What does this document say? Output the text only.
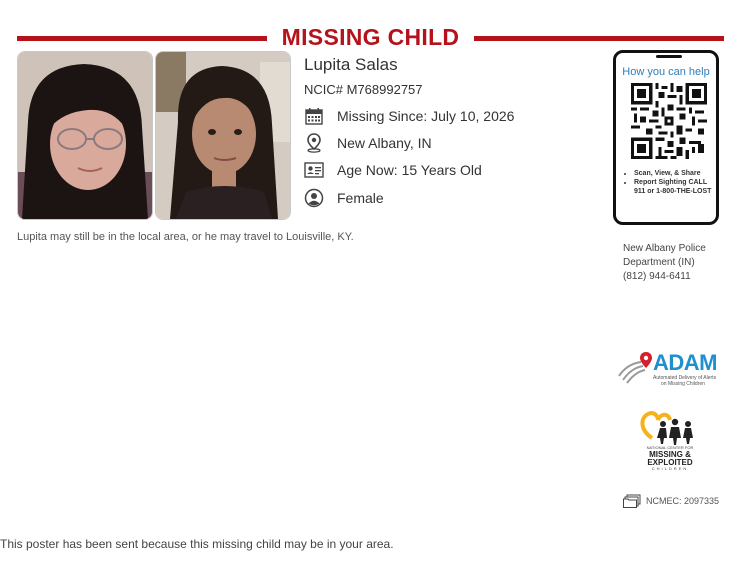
MISSING CHILD
Lupita Salas
NCIC# M768992757
Missing Since: July 10, 2026
New Albany, IN
Age Now: 15 Years Old
Female
Lupita may still be in the local area, or he may travel to Louisville, KY.
How you can help
• Scan, View, & Share
• Report Sighting CALL 911 or 1-800-THE-LOST
New Albany Police
Department (IN)
(812) 944-6411
ADAM
Automated Delivery of Alerts
on Missing Children
NATIONAL CENTER FOR
MISSING &
EXPLOITED
CHILDREN
NCMEC: 2097335
This poster has been sent because this missing child may be in your area.
